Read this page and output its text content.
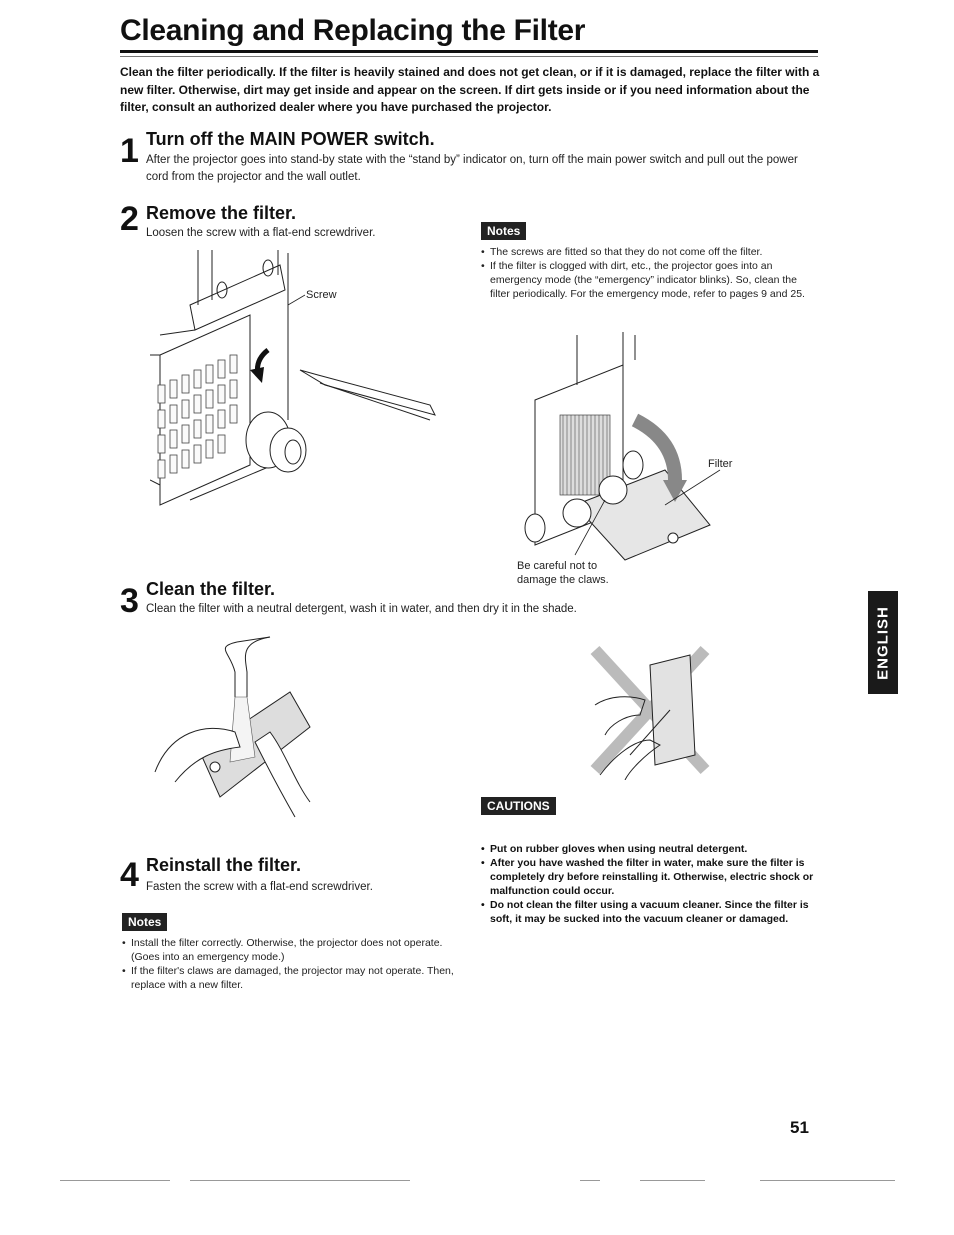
Cleaning and Replacing the Filter
Clean the filter periodically. If the filter is heavily stained and does not get clean, or if it is damaged, replace the filter with a new filter. Otherwise, dirt may get inside and appear on the screen. If dirt gets inside or if you need information about the filter, consult an authorized dealer where you have purchased the projector.
1 Turn off the MAIN POWER switch.
After the projector goes into stand-by state with the “stand by” indicator on, turn off the main power switch and pull out the power cord from the projector and the wall outlet.
2 Remove the filter.
Loosen the screw with a flat-end screwdriver.	Notes
• The screws are fitted so that they do not come off the filter.
• If the filter is clogged with dirt, etc., the projector goes into an emergency mode (the “emergency” indicator blinks). So, clean the filter periodically. For the emergency mode, refer to pages 9 and 25.
Screw
Filter
Be careful not to damage the claws.
3 Clean the filter.
Clean the filter with a neutral detergent, wash it in water, and then dry it in the shade.
CAUTIONS
• Put on rubber gloves when using neutral detergent.
• After you have washed the filter in water, make sure the filter is completely dry before reinstalling it. Otherwise, electric shock or malfunction could occur.
• Do not clean the filter using a vacuum cleaner. Since the filter is soft, it may be sucked into the vacuum cleaner or damaged.
4 Reinstall the filter.
Fasten the screw with a flat-end screwdriver.
Notes
• Install the filter correctly. Otherwise, the projector does not operate. (Goes into an emergency mode.)
• If the filter's claws are damaged, the projector may not operate. Then, replace with a new filter.
ENGLISH
51
